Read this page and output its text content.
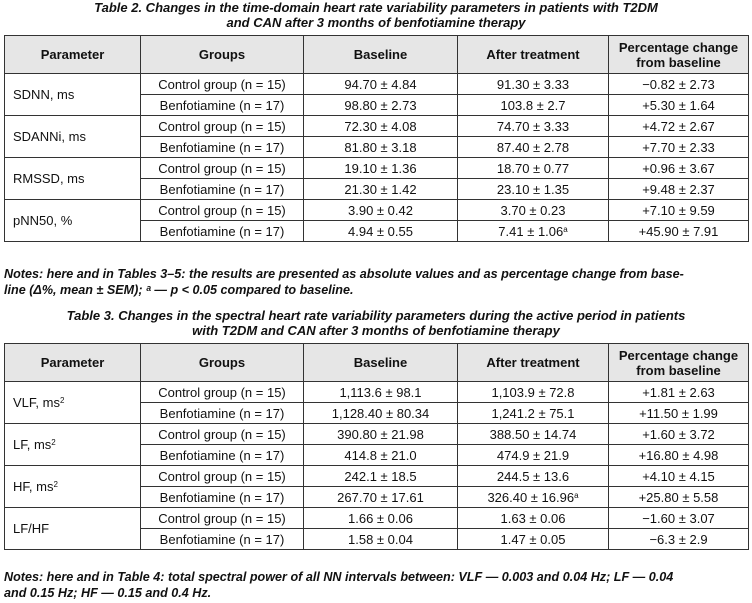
Table 2. Changes in the time-domain heart rate variability parameters in patients with T2DM
and CAN after 3 months of benfotiamine therapy
Parameter	Groups	Baseline	After treatment	Percentage change from baseline
SDNN, ms	Control group (n = 15)	94.70 ± 4.84	91.30 ± 3.33	−0.82 ± 2.73
	Benfotiamine (n = 17)	98.80 ± 2.73	103.8 ± 2.7	+5.30 ± 1.64
SDANNi, ms	Control group (n = 15)	72.30 ± 4.08	74.70 ± 3.33	+4.72 ± 2.67
	Benfotiamine (n = 17)	81.80 ± 3.18	87.40 ± 2.78	+7.70 ± 2.33
RMSSD, ms	Control group (n = 15)	19.10 ± 1.36	18.70 ± 0.77	+0.96 ± 3.67
	Benfotiamine (n = 17)	21.30 ± 1.42	23.10 ± 1.35	+9.48 ± 2.37
pNN50, %	Control group (n = 15)	3.90 ± 0.42	3.70 ± 0.23	+7.10 ± 9.59
	Benfotiamine (n = 17)	4.94 ± 0.55	7.41 ± 1.06$^a$	+45.90 ± 7.91
Notes: here and in Tables 3–5: the results are presented as absolute values and as percentage change from base-
line (Δ%, mean ± SEM); ᵃ — p < 0.05 compared to baseline.
Table 3. Changes in the spectral heart rate variability parameters during the active period in patients
with T2DM and CAN after 3 months of benfotiamine therapy
Parameter	Groups	Baseline	After treatment	Percentage change from baseline
VLF, $ms^2$	Control group (n = 15)	1,113.6 ± 98.1	1,103.9 ± 72.8	+1.81 ± 2.63
	Benfotiamine (n = 17)	1,128.40 ± 80.34	1,241.2 ± 75.1	+11.50 ± 1.99
LF, $ms^2$	Control group (n = 15)	390.80 ± 21.98	388.50 ± 14.74	+1.60 ± 3.72
	Benfotiamine (n = 17)	414.8 ± 21.0	474.9 ± 21.9	+16.80 ± 4.98
HF, $ms^2$	Control group (n = 15)	242.1 ± 18.5	244.5 ± 13.6	+4.10 ± 4.15
	Benfotiamine (n = 17)	267.70 ± 17.61	326.40 ± 16.96$^a$	+25.80 ± 5.58
LF/HF	Control group (n = 15)	1.66 ± 0.06	1.63 ± 0.06	−1.60 ± 3.07
	Benfotiamine (n = 17)	1.58 ± 0.04	1.47 ± 0.05	−6.3 ± 2.9
Notes: here and in Table 4: total spectral power of all NN intervals between: VLF — 0.003 and 0.04 Hz; LF — 0.04
and 0.15 Hz; HF — 0.15 and 0.4 Hz.
